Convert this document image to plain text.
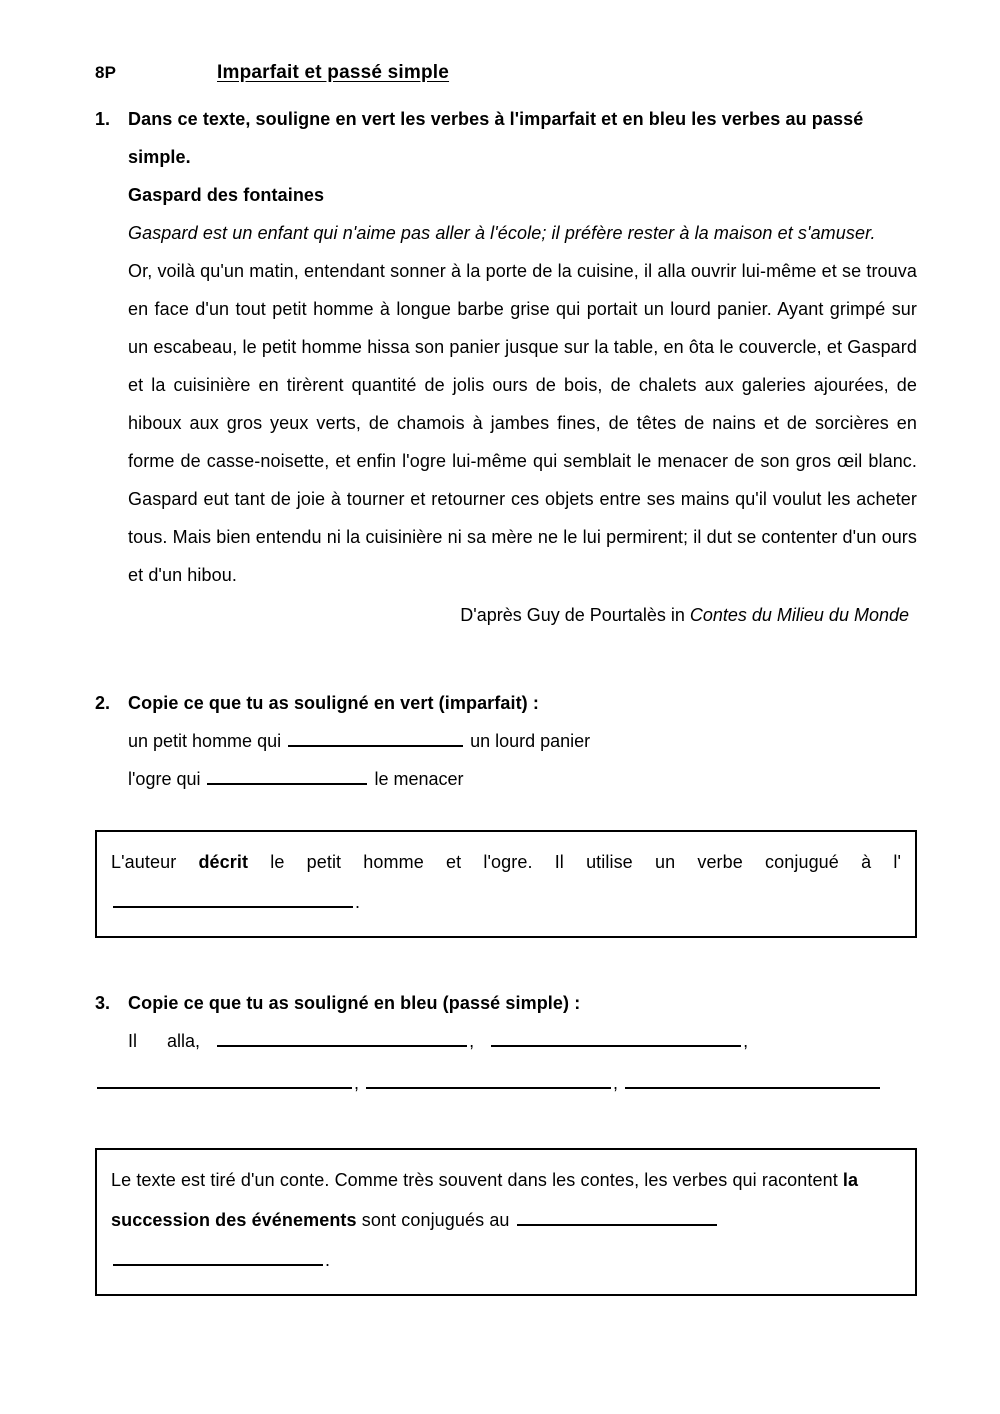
8P	Imparfait et passé simple
1. Dans ce texte, souligne en vert les verbes à l'imparfait et en bleu les verbes au passé simple.
Gaspard des fontaines
Gaspard est un enfant qui n'aime pas aller à l'école; il préfère rester à la maison et s'amuser.
Or, voilà qu'un matin, entendant sonner à la porte de la cuisine, il alla ouvrir lui-même et se trouva en face d'un tout petit homme à longue barbe grise qui portait un lourd panier. Ayant grimpé sur un escabeau, le petit homme hissa son panier jusque sur la table, en ôta le couvercle, et Gaspard et la cuisinière en tirèrent quantité de jolis ours de bois, de chalets aux galeries ajourées, de hiboux aux gros yeux verts, de chamois à jambes fines, de têtes de nains et de sorcières en forme de casse-noisette, et enfin l'ogre lui-même qui semblait le menacer de son gros œil blanc. Gaspard eut tant de joie à tourner et retourner ces objets entre ses mains qu'il voulut les acheter tous. Mais bien entendu ni la cuisinière ni sa mère ne le lui permirent; il dut se contenter d'un ours et d'un hibou.
D'après Guy de Pourtalès in Contes du Milieu du Monde
2. Copie ce que tu as souligné en vert (imparfait) :
un petit homme qui	un lourd panier
l'ogre qui	le menacer
L'auteur décrit le petit homme et l'ogre. Il utilise un verbe conjugué à l'.
3. Copie ce que tu as souligné en bleu (passé simple) :
Il alla,	,	,
,	,
Le texte est tiré d'un conte. Comme très souvent dans les contes, les verbes qui racontent la succession des événements sont conjugués au .
